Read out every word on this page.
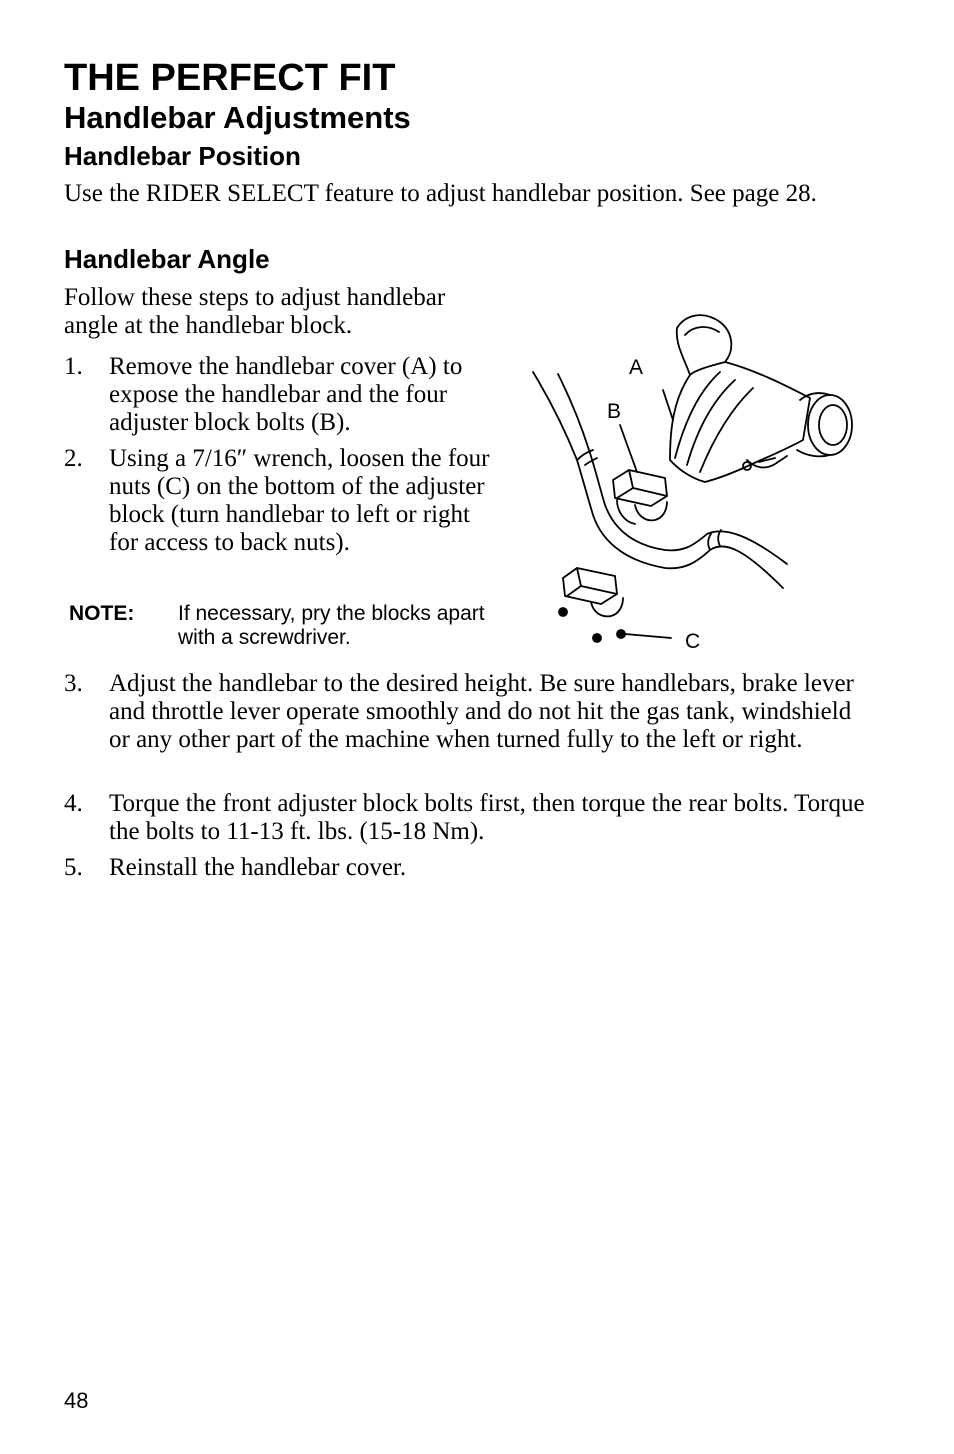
THE PERFECT FIT
Handlebar Adjustments
Handlebar Position

Use the RIDER SELECT feature to adjust handlebar position. See page 28.

Handlebar Angle

Follow these steps to adjust handlebar angle at the handlebar block.

1. Remove the handlebar cover (A) to expose the handlebar and the four adjuster block bolts (B).
2. Using a 7/16″ wrench, loosen the four nuts (C) on the bottom of the adjuster block (turn handlebar to left or right for access to back nuts).
NOTE: If necessary, pry the blocks apart with a screwdriver.
A
B
C
3. Adjust the handlebar to the desired height. Be sure handlebars, brake lever and throttle lever operate smoothly and do not hit the gas tank, windshield or any other part of the machine when turned fully to the left or right.
4. Torque the front adjuster block bolts first, then torque the rear bolts. Torque the bolts to 11-13 ft. lbs. (15-18 Nm).
5. Reinstall the handlebar cover.
48
